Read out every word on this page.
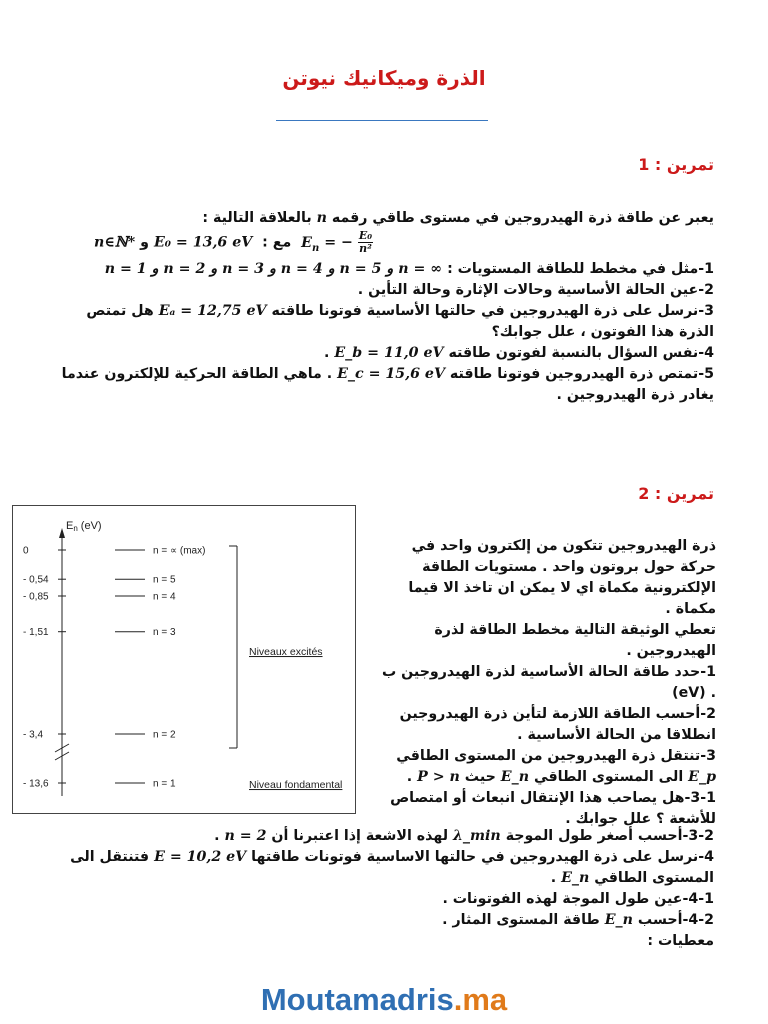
الذرة وميكانيك نيوتن
تمرين 1 :

يعبر عن طاقة ذرة الهيدروجين في مستوى طاقي رقمه n بالعلاقة التالية :

n∈ℕ* و E₀ = 13,6 eV مع : $E_n$ = − $\frac{\text{E₀}}{\text{n²}}$

1-مثل في مخطط للطاقة المستويات : n = 1 و n = 2 و n = 3 و n = 4 و n = 5 و n = ∞

2-عين الحالة الأساسية وحالات الإثارة وحالة التأين .

3-نرسل على ذرة الهيدروجين في حالتها الأساسية فوتونا طاقته Eₐ = 12,75 eV هل تمتص الذرة هذا الفوتون ، علل جوابك؟

4-نفس السؤال بالنسبة لفوتون طاقته E_b = 11,0 eV .

5-تمتص ذرة الهيدروجين فوتونا طاقته E_c = 15,6 eV . ماهي الطاقة الحركية للإلكترون عندما يغادر ذرة الهيدروجين .

تمرين 2 :

ذرة الهيدروجين تتكون من إلكترون واحد في حركة حول بروتون واحد . مستويات الطاقة الإلكترونية مكماة اي لا يمكن ان تاخذ الا قيما مكماة .

تعطي الوثيقة التالية مخطط الطاقة لذرة الهيدروجين .

1-حدد طاقة الحالة الأساسية لذرة الهيدروجين ب (eV) .

2-أحسب الطاقة اللازمة لتأين ذرة الهيدروجين انطلاقا من الحالة الأساسية .

3-تنتقل ذرة الهيدروجين من المستوى الطاقي E_p الى المستوى الطاقي E_n حيث P > n .

3-1-هل يصاحب هذا الإنتقال انبعاث أو امتصاص للأشعة ؟ علل جوابك .

3-2-أحسب أصغر طول الموجة λ_min لهذه الاشعة إذا اعتبرنا أن n = 2 .

4-نرسل على ذرة الهيدروجين في حالتها الاساسية فوتونات طاقتها E = 10,2 eV فتنتقل الى المستوى الطاقي E_n .

4-1-عين طول الموجة لهذه الفوتونات .

4-2-أحسب E_n طاقة المستوى المثار .

معطيات :

En (eV)
0	n = ∝ (max)
- 0,54	n = 5
- 0,85	n = 4
- 1,51	n = 3
- 3,4	n = 2
- 13,6	n = 1
Niveaux excités
Niveau fondamental
Moutamadris.ma
